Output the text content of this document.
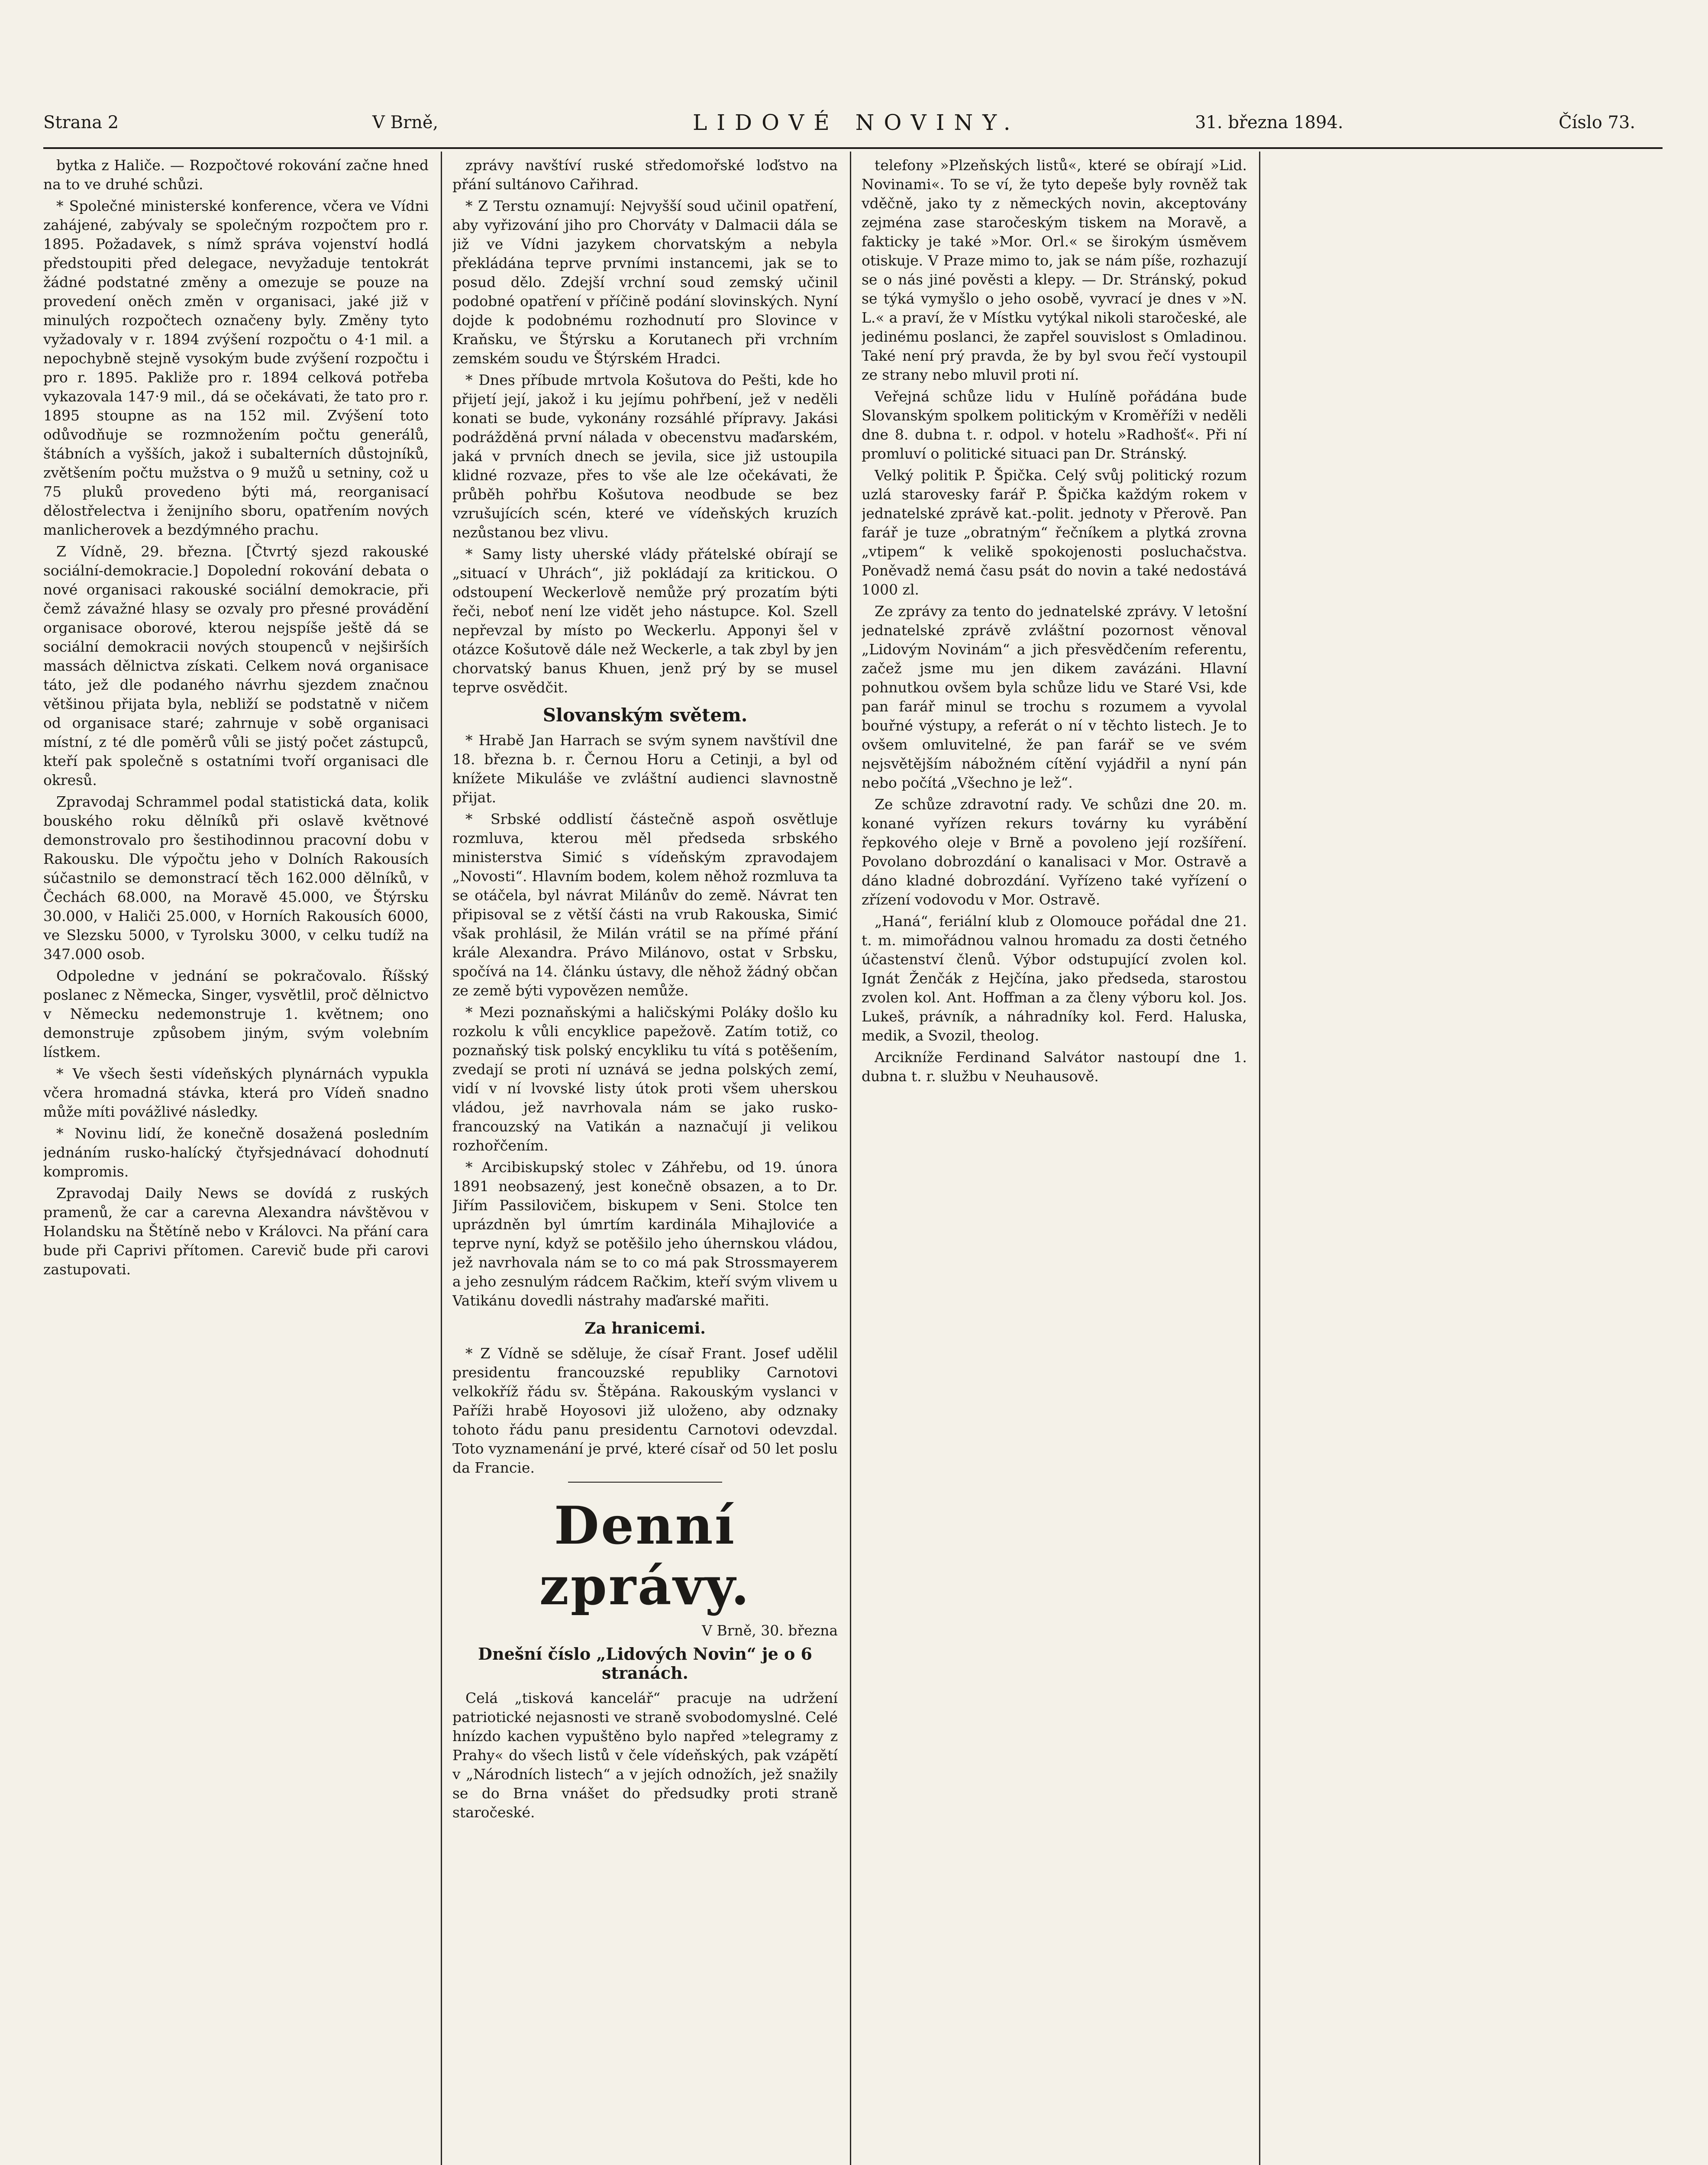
Strana 2	V Brně,	LIDOVÉ NOVINY.	31. března 1894.	Číslo 73.

bytka z Haliče. — Rozpočtové rokování začne hned na to ve druhé schůzi.

* Společné ministerské konference, včera ve Vídni zahájené, zabývaly se společným rozpočtem pro r. 1895. Požadavek, s nímž správa vojenství hodlá předstoupiti před delegace, nevyžaduje tentokrát žádné podstatné změny a omezuje se pouze na provedení oněch změn v organisaci, jaké již v minulých rozpočtech označeny byly. Změny tyto vyžadovaly v r. 1894 zvýšení rozpočtu o 4·1 mil. a nepochybně stejně vysokým bude zvýšení rozpočtu i pro r. 1895. Pakliže pro r. 1894 celková potřeba vykazovala 147·9 mil., dá se očekávati, že tato pro r. 1895 stoupne as na 152 mil. Zvýšení toto odůvodňuje se rozmnožením počtu generálů, štábních a vyšších, jakož i subalterních důstojníků, zvětšením počtu mužstva o 9 mužů u setniny, což u 75 pluků provedeno býti má, reorganisací dělostřelectva i ženijního sboru, opatřením nových manlicherovek a bezdýmného prachu.

Z Vídně, 29. března. [Čtvrtý sjezd rakouské sociální-demokracie.] Dopolední rokování debata o nové organisaci rakouské sociální demokracie, při čemž závažné hlasy se ozvaly pro přesné provádění organisace oborové, kterou nejspíše ještě dá se sociální demokracii nových stoupenců v nejširších massách dělnictva získati. Celkem nová organisace táto, jež dle podaného návrhu sjezdem značnou většinou přijata byla, nebliží se podstatně v ničem od organisace staré; zahrnuje v sobě organisaci místní, z té dle poměrů vůli se jistý počet zástupců, kteří pak společně s ostatními tvoří organisaci dle okresů.

Zpravodaj Schrammel podal statistická data, kolik bouského roku dělníků při oslavě květnové demonstrovalo pro šestihodinnou pracovní dobu v Rakousku. Dle výpočtu jeho v Dolních Rakousích súčastnilo se demonstrací těch 162.000 dělníků, v Čechách 68.000, na Moravě 45.000, ve Štýrsku 30.000, v Haliči 25.000, v Horních Rakousích 6000, ve Slezsku 5000, v Tyrolsku 3000, v celku tudíž na 347.000 osob.

Odpoledne v jednání se pokračovalo. Říšský poslanec z Německa, Singer, vysvětlil, proč dělnictvo v Německu nedemonstruje 1. květnem; ono demonstruje způsobem jiným, svým volebním lístkem.

* Ve všech šesti vídeňských plynárnách vypukla včera hromadná stávka, která pro Vídeň snadno může míti povážlivé následky.

* Novinu lidí, že konečně dosažená posledním jednáním rusko-halícký čtyřsjednávací dohodnutí kompromis.

Zpravodaj Daily News se dovídá z ruských pramenů, že car a carevna Alexandra návštěvou v Holandsku na Štětíně nebo v Královci. Na přání cara bude při Caprivi přítomen. Carevič bude při carovi zastupovati.

zprávy navštíví ruské středomořské loďstvo na přání sultánovo Cařihrad.

* Z Terstu oznamují: Nejvyšší soud učinil opatření, aby vyřizování jiho pro Chorváty v Dalmacii dála se již ve Vídni jazykem chorvatským a nebyla překládána teprve prvními instancemi, jak se to posud dělo. Zdejší vrchní soud zemský učinil podobné opatření v příčině podání slovinských. Nyní dojde k podobnému rozhodnutí pro Slovince v Kraňsku, ve Štýrsku a Korutanech při vrchním zemském soudu ve Štýrském Hradci.

* Dnes příbude mrtvola Košutova do Pešti, kde ho přijetí její, jakož i ku jejímu pohřbení, jež v neděli konati se bude, vykonány rozsáhlé přípravy. Jakási podrážděná první nálada v obecenstvu maďarském, jaká v prvních dnech se jevila, sice již ustoupila klidné rozvaze, přes to vše ale lze očekávati, že průběh pohřbu Košutova neodbude se bez vzrušujících scén, které ve vídeňských kruzích nezůstanou bez vlivu.

* Samy listy uherské vlády přátelské obírají se „situací v Uhrách“, již pokládají za kritickou. O odstoupení Weckerlově nemůže prý prozatím býti řeči, neboť není lze vidět jeho nástupce. Kol. Szell nepřevzal by místo po Weckerlu. Apponyi šel v otázce Košutově dále než Weckerle, a tak zbyl by jen chorvatský banus Khuen, jenž prý by se musel teprve osvědčit.

Slovanským světem.

* Hrabě Jan Harrach se svým synem navštívil dne 18. března b. r. Černou Horu a Cetinji, a byl od knížete Mikuláše ve zvláštní audienci slavnostně přijat.

* Srbské oddlistí částečně aspoň osvětluje rozmluva, kterou měl předseda srbského ministerstva Simić s vídeňským zpravodajem „Novosti“. Hlavním bodem, kolem něhož rozmluva ta se otáčela, byl návrat Milánův do země. Návrat ten připisoval se z větší části na vrub Rakouska, Simić však prohlásil, že Milán vrátil se na přímé přání krále Alexandra. Právo Milánovo, ostat v Srbsku, spočívá na 14. článku ústavy, dle něhož žádný občan ze země býti vypovězen nemůže.

* Mezi poznaňskými a haličskými Poláky došlo ku rozkolu k vůli encyklice papežově. Zatím totiž, co poznaňský tisk polský encykliku tu vítá s potěšením, zvedají se proti ní uznává se jedna polských zemí, vidí v ní lvovské listy útok proti všem uherskou vládou, jež navrhovala nám se jako rusko-francouzský na Vatikán a naznačují ji velikou rozhořčením.

* Arcibiskupský stolec v Záhřebu, od 19. února 1891 neobsazený, jest konečně obsazen, a to Dr. Jiřím Passilovičem, biskupem v Seni. Stolce ten uprázdněn byl úmrtím kardinála Mihajloviće a teprve nyní, když se potěšilo jeho úhernskou vládou, jež navrhovala nám se to co má pak Strossmayerem a jeho zesnulým rádcem Račkim, kteří svým vlivem u Vatikánu dovedli nástrahy maďarské mařiti.

Za hranicemi.

* Z Vídně se sděluje, že císař Frant. Josef udělil presidentu francouzské republiky Carnotovi velkokříž řádu sv. Štěpána. Rakouským vyslanci v Paříži hrabě Hoyosovi již uloženo, aby odznaky tohoto řádu panu presidentu Carnotovi odevzdal. Toto vyznamenání je prvé, které císař od 50 let poslu da Francie.

Denní zprávy.
V Brně, 30. března
Dnešní číslo „Lidových Novin“ je o 6 stranách.

Celá „tisková kancelář“ pracuje na udržení patriotické nejasnosti ve straně svobodomyslné. Celé hnízdo kachen vypuštěno bylo napřed »telegramy z Prahy« do všech listů v čele vídeňských, pak vzápětí v „Národních listech“ a v jejích odnožích, jež snažily se do Brna vnášet do předsudky proti straně staročeské.

telefony »Plzeňských listů«, které se obírají »Lid. Novinami«. To se ví, že tyto depeše byly rovněž tak vděčně, jako ty z německých novin, akceptovány zejména zase staročeským tiskem na Moravě, a fakticky je také »Mor. Orl.« se širokým úsměvem otiskuje. V Praze mimo to, jak se nám píše, rozhazují se o nás jiné pověsti a klepy. — Dr. Stránský, pokud se týká vymyšlo o jeho osobě, vyvrací je dnes v »N. L.« a praví, že v Místku vytýkal nikoli staročeské, ale jedinému poslanci, že zapřel souvislost s Omladinou. Také není prý pravda, že by byl svou řečí vystoupil ze strany nebo mluvil proti ní.

Veřejná schůze lidu v Hulíně pořádána bude Slovanským spolkem politickým v Kroměříži v neděli dne 8. dubna t. r. odpol. v hotelu »Radhošť«. Při ní promluví o politické situaci pan Dr. Stránský.

Velký politik P. Špička. Celý svůj politický rozum uzlá starovesky farář P. Špička každým rokem v jednatelské zprávě kat.-polit. jednoty v Přerově. Pan farář je tuze „obratným“ řečníkem a plytká zrovna „vtipem“ k velikě spokojenosti posluchačstva. Poněvadž nemá času psát do novin a také nedostává 1000 zl.

Ze zprávy za tento do jednatelské zprávy. V letošní jednatelské zprávě zvláštní pozornost věnoval „Lidovým Novinám“ a jich přesvědčením referentu, začež jsme mu jen dikem zavázáni. Hlavní pohnutkou ovšem byla schůze lidu ve Staré Vsi, kde pan farář minul se trochu s rozumem a vyvolal bouřné výstupy, a referát o ní v těchto listech. Je to ovšem omluvitelné, že pan farář se ve svém nejsvětějším nábožném cítění vyjádřil a nyní pán nebo počítá „Všechno je lež“.

Ze schůze zdravotní rady. Ve schůzi dne 20. m. konané vyřízen rekurs továrny ku vyrábění řepkového oleje v Brně a povoleno její rozšíření. Povolano dobrozdání o kanalisaci v Mor. Ostravě a dáno kladné dobrozdání. Vyřízeno také vyřízení o zřízení vodovodu v Mor. Ostravě.

„Haná“, feriální klub z Olomouce pořádal dne 21. t. m. mimořádnou valnou hromadu za dosti četného účastenství členů. Výbor odstupující zvolen kol. Ignát Ženčák z Hejčína, jako předseda, starostou zvolen kol. Ant. Hoffman a za členy výboru kol. Jos. Lukeš, právník, a náhradníky kol. Ferd. Haluska, medik, a Svozil, theolog.

Arcikníže Ferdinand Salvátor nastoupí dne 1. dubna t. r. službu v Neuhausově.
